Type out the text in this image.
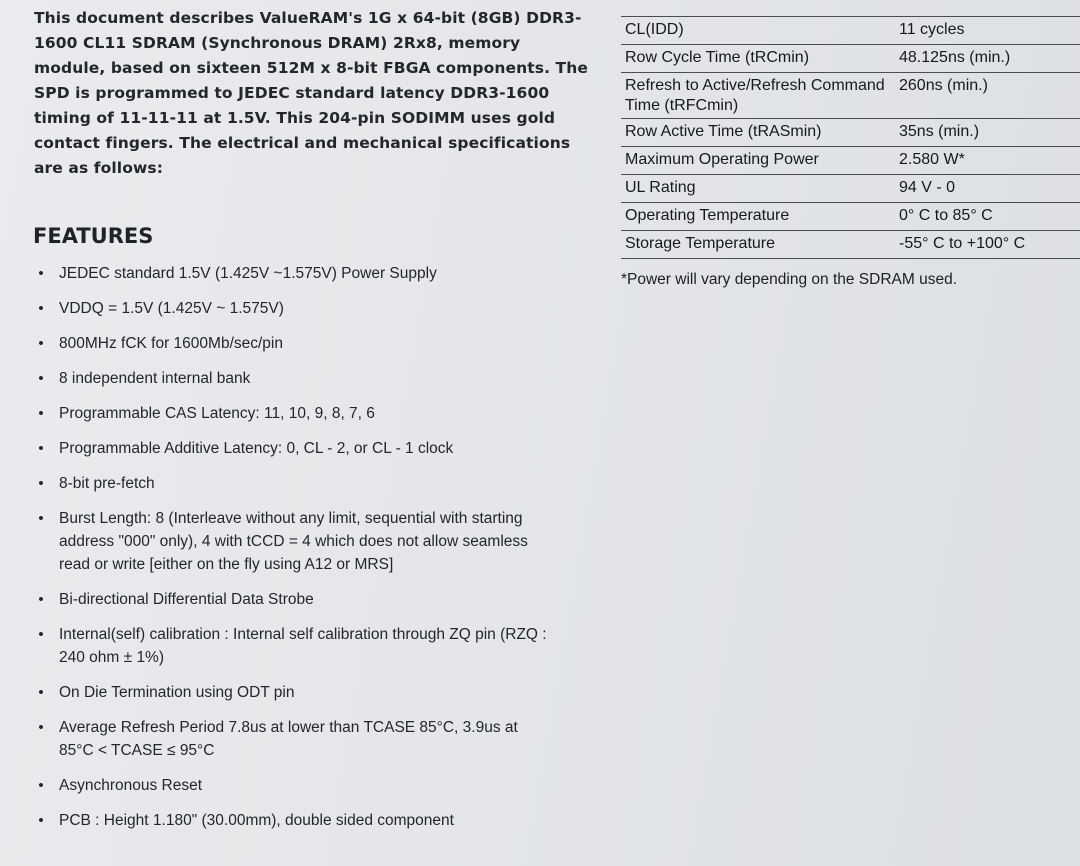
This document describes ValueRAM's 1G x 64-bit (8GB) DDR3-1600 CL11 SDRAM (Synchronous DRAM) 2Rx8, memory module, based on sixteen 512M x 8-bit FBGA components. The SPD is programmed to JEDEC standard latency DDR3-1600 timing of 11-11-11 at 1.5V. This 204-pin SODIMM uses gold contact fingers. The electrical and mechanical specifications are as follows:
FEATURES
• JEDEC standard 1.5V (1.425V ~1.575V) Power Supply
• VDDQ = 1.5V (1.425V ~ 1.575V)
• 800MHz fCK for 1600Mb/sec/pin
• 8 independent internal bank
• Programmable CAS Latency: 11, 10, 9, 8, 7, 6
• Programmable Additive Latency: 0, CL - 2, or CL - 1 clock
• 8-bit pre-fetch
• Burst Length: 8 (Interleave without any limit, sequential with starting address "000" only), 4 with tCCD = 4 which does not allow seamless read or write [either on the fly using A12 or MRS]
• Bi-directional Differential Data Strobe
• Internal(self) calibration : Internal self calibration through ZQ pin (RZQ : 240 ohm ± 1%)
• On Die Termination using ODT pin
• Average Refresh Period 7.8us at lower than TCASE 85°C, 3.9us at 85°C < TCASE ≤ 95°C
• Asynchronous Reset
• PCB : Height 1.180" (30.00mm), double sided component
CL(IDD)	11 cycles
Row Cycle Time (tRCmin)	48.125ns (min.)
Refresh to Active/Refresh Command Time (tRFCmin)	260ns (min.)
Row Active Time (tRASmin)	35ns (min.)
Maximum Operating Power	2.580 W*
UL Rating	94 V - 0
Operating Temperature	0° C to 85° C
Storage Temperature	-55° C to +100° C
*Power will vary depending on the SDRAM used.
